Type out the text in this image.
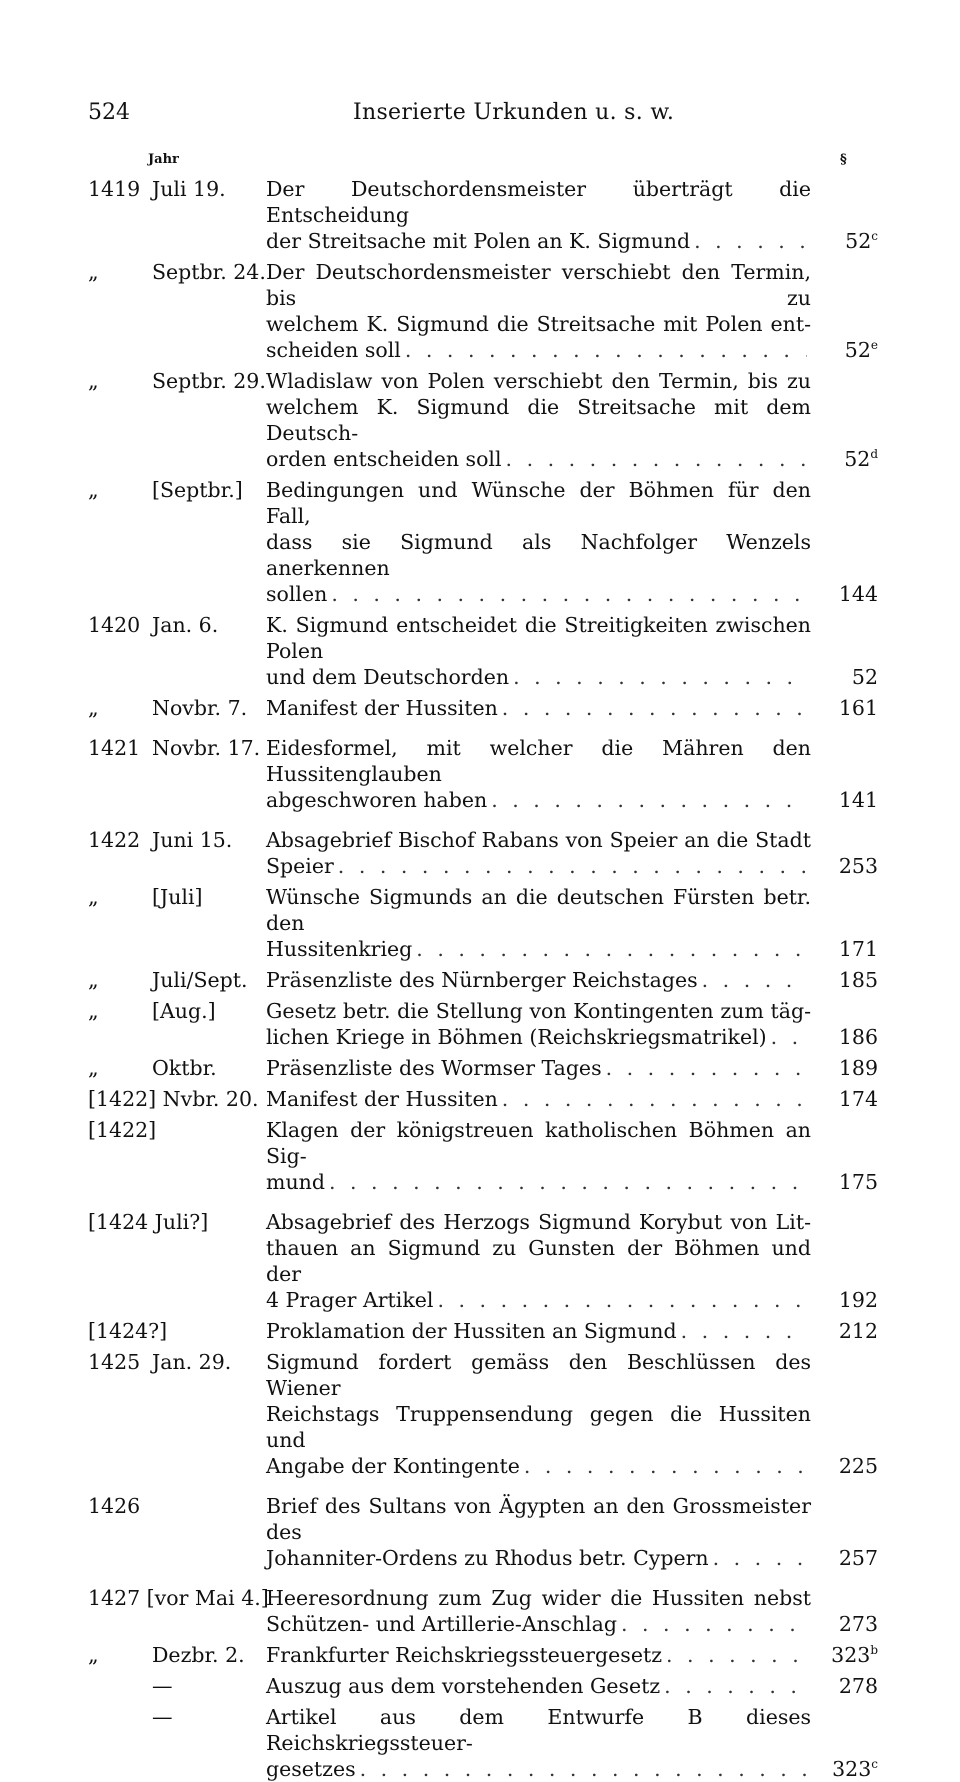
524	Inserierte Urkunden u. s. w.
Jahr	§
1419 Juli 19. Der Deutschordensmeister überträgt die Entscheidung
der Streitsache mit Polen an K. Sigmund . . .	52$^c$
„	Septbr. 24. Der Deutschordensmeister verschiebt den Termin, bis zu
welchem K. Sigmund die Streitsache mit Polen ent-
scheiden soll . . .	52e
„	Septbr. 29. Wladislaw von Polen verschiebt den Termin, bis zu
welchem K. Sigmund die Streitsache mit dem Deutsch-
orden entscheiden soll . . .	52$^d$
„	[Septbr.] Bedingungen und Wünsche der Böhmen für den Fall,
dass sie Sigmund als Nachfolger Wenzels anerkennen
sollen . . .	144
1420 Jan. 6. K. Sigmund entscheidet die Streitigkeiten zwischen Polen
und dem Deutschorden . . .	52
„	Novbr. 7. Manifest der Hussiten . . .	161
1421 Novbr. 17. Eidesformel, mit welcher die Mähren den Hussitenglauben
abgeschworen haben . . .	141
1422 Juni 15. Absagebrief Bischof Rabans von Speier an die Stadt
Speier . . .	253
„	[Juli]	Wünsche Sigmunds an die deutschen Fürsten betr. den
Hussitenkrieg . . .	171
„	Juli/Sept. Präsenzliste des Nürnberger Reichstages . . .	185
„	[Aug.] Gesetz betr. die Stellung von Kontingenten zum täg-
lichen Kriege in Böhmen (Reichskriegsmatrikel) . . .	186
„	Oktbr. Präsenzliste des Wormser Tages . . .	189
[1422] Nvbr. 20. Manifest der Hussiten . . .	174
[1422]	Klagen der königstreuen katholischen Böhmen an Sig-
mund . . .	175
[1424 Juli?]	Absagebrief des Herzogs Sigmund Korybut von Lit-
thauen an Sigmund zu Gunsten der Böhmen und der
4 Prager Artikel . . .	192
[1424?]	Proklamation der Hussiten an Sigmund . . .	212
1425 Jan. 29. Sigmund fordert gemäss den Beschlüssen des Wiener
Reichstags Truppensendung gegen die Hussiten und
Angabe der Kontingente . . .	225
1426	Brief des Sultans von Ägypten an den Grossmeister des
Johanniter-Ordens zu Rhodus betr. Cypern . . .	257
1427 [vor Mai 4.]
Heeresordnung zum Zug wider die Hussiten nebst
Schützen- und Artillerie-Anschlag . . .	273
„	Dezbr. 2. Frankfurter Reichskriegssteuergesetz . . .	323$^b$
—	Auszug aus dem vorstehenden Gesetz . . .	278
—	Artikel aus dem Entwurfe B dieses Reichskriegssteuer-
gesetzes . . .	323$^c$
